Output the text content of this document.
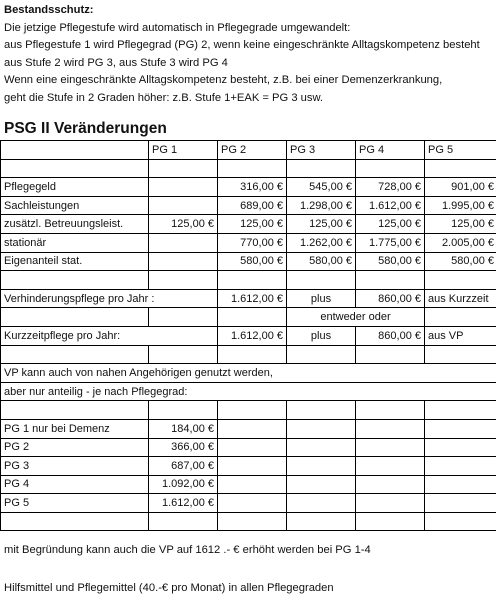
Bestandsschutz:
Die jetzige Pflegestufe wird automatisch in Pflegegrade umgewandelt:
aus Pflegestufe 1 wird Pflegegrad (PG) 2, wenn keine eingeschränkte Alltagskompetenz besteht
aus Stufe 2 wird PG 3, aus Stufe 3 wird PG 4
Wenn eine eingeschränkte Alltagskompetenz besteht, z.B. bei einer Demenzerkrankung,
geht die Stufe in 2 Graden höher: z.B. Stufe 1+EAK = PG 3 usw.
PSG II Veränderungen
	PG 1	PG 2	PG 3	PG 4	PG 5

Pflegegeld		316,00 €	545,00 €	728,00 €	901,00 €
Sachleistungen		689,00 €	1.298,00 €	1.612,00 €	1.995,00 €
zusätzl. Betreuungsleist.	125,00 €	125,00 €	125,00 €	125,00 €	125,00 €
stationär		770,00 €	1.262,00 €	1.775,00 €	2.005,00 €
Eigenanteil stat.		580,00 €	580,00 €	580,00 €	580,00 €

Verhinderungspflege pro Jahr :		1.612,00 €	plus	860,00 €	aus Kurzzeit
			entweder oder		
Kurzzeitpflege pro Jahr:		1.612,00 €	plus	860,00 €	aus VP

VP kann auch von nahen Angehörigen genutzt werden,					
aber nur anteilig - je nach Pflegegrad:					

PG 1 nur bei Demenz	184,00 €				
PG 2	366,00 €				
PG 3	687,00 €				
PG 4	1.092,00 €				
PG 5	1.612,00 €				

mit Begründung kann auch die VP auf 1612 .- € erhöht werden bei PG 1-4
Hilfsmittel und Pflegemittel (40.-€ pro Monat) in allen Pflegegraden
